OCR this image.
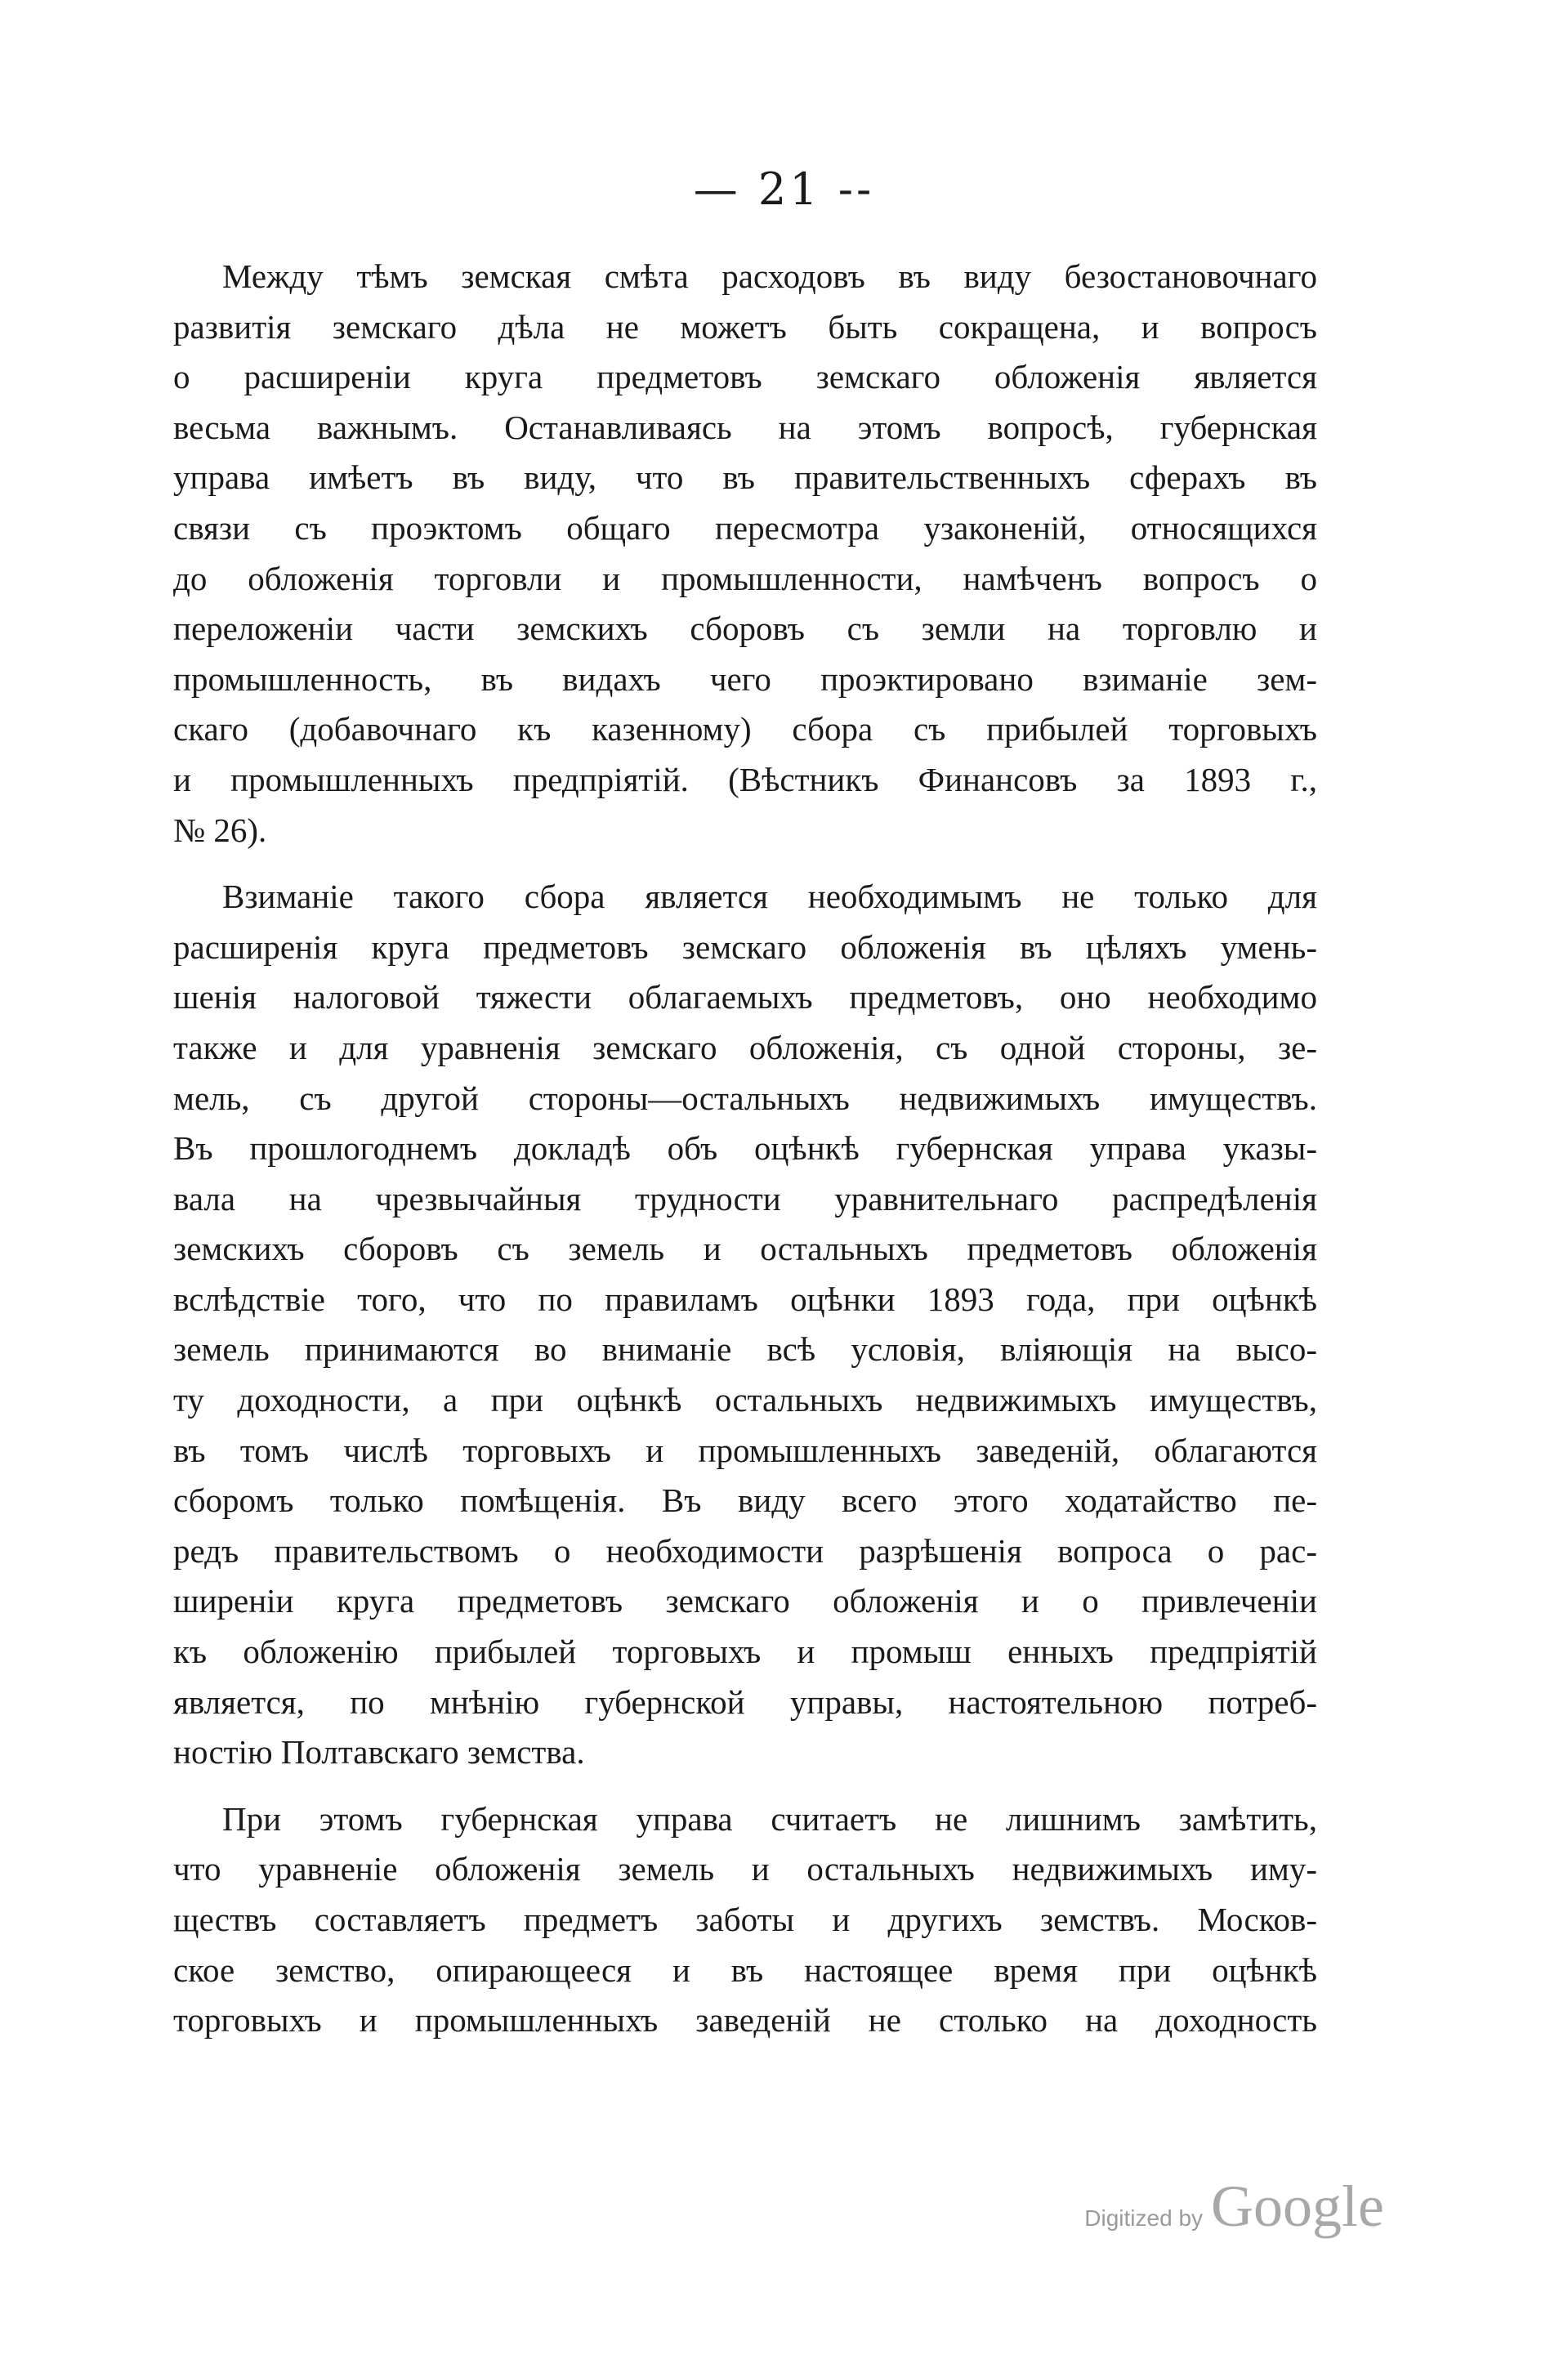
— 21 --
Между тѣмъ земская смѣта расходовъ въ виду безостановочнаго
развитія земскаго дѣла не можетъ быть сокращена, и вопросъ
о расширеніи круга предметовъ земскаго обложенія является
весьма важнымъ. Останавливаясь на этомъ вопросѣ, губернская
управа имѣетъ въ виду, что въ правительственныхъ сферахъ въ
связи съ проэктомъ общаго пересмотра узаконеній, относящихся
до обложенія торговли и промышленности, намѣченъ вопросъ о
переложеніи части земскихъ сборовъ съ земли на торговлю и
промышленность, въ видахъ чего проэктировано взиманіе зем-
скаго (добавочнаго къ казенному) сбора съ прибылей торговыхъ
и промышленныхъ предпріятій. (Вѣстникъ Финансовъ за 1893 г.,
№ 26).
Взиманіе такого сбора является необходимымъ не только для
расширенія круга предметовъ земскаго обложенія въ цѣляхъ умень-
шенія налоговой тяжести облагаемыхъ предметовъ, оно необходимо
также и для уравненія земскаго обложенія, съ одной стороны, зе-
мель, съ другой стороны—остальныхъ недвижимыхъ имуществъ.
Въ прошлогоднемъ докладѣ объ оцѣнкѣ губернская управа указы-
вала на чрезвычайныя трудности уравнительнаго распредѣленія
земскихъ сборовъ съ земель и остальныхъ предметовъ обложенія
вслѣдствіе того, что по правиламъ оцѣнки 1893 года, при оцѣнкѣ
земель принимаются во вниманіе всѣ условія, вліяющія на высо-
ту доходности, а при оцѣнкѣ остальныхъ недвижимыхъ имуществъ,
въ томъ числѣ торговыхъ и промышленныхъ заведеній, облагаются
сборомъ только помѣщенія. Въ виду всего этого ходатайство пе-
редъ правительствомъ о необходимости разрѣшенія вопроса о рас-
ширеніи круга предметовъ земскаго обложенія и о привлеченіи
къ обложенію прибылей торговыхъ и промыш енныхъ предпріятій
является, по мнѣнію губернской управы, настоятельною потреб-
ностію Полтавскаго земства.
При этомъ губернская управа считаетъ не лишнимъ замѣтить,
что уравненіе обложенія земель и остальныхъ недвижимыхъ иму-
ществъ составляетъ предметъ заботы и другихъ земствъ. Москов-
ское земство, опирающееся и въ настоящее время при оцѣнкѣ
торговыхъ и промышленныхъ заведеній не столько на доходность
Digitized by Google
